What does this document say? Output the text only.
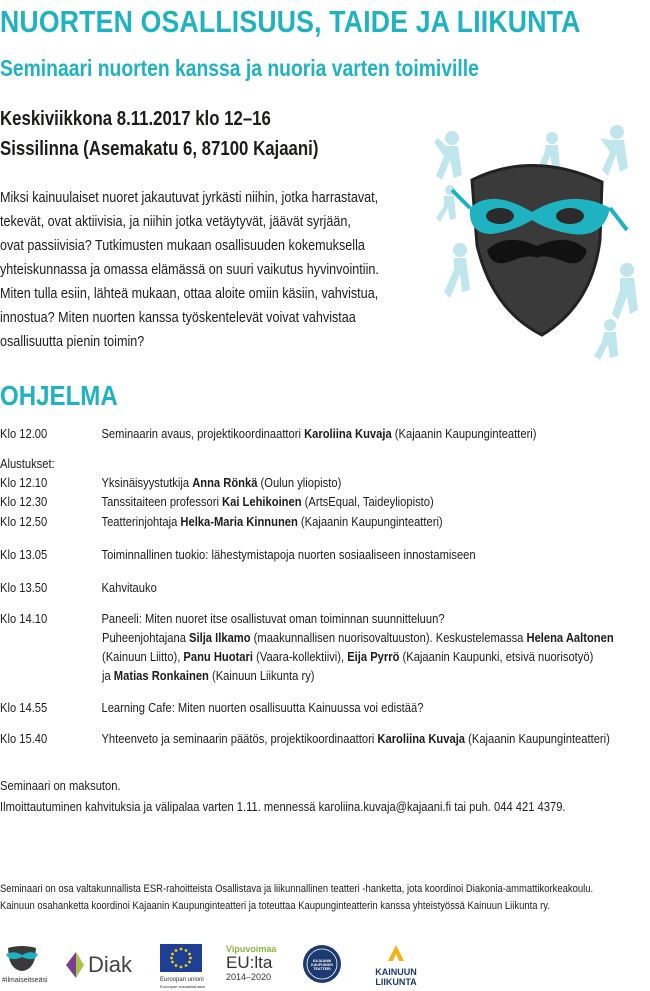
NUORTEN OSALLISUUS, TAIDE JA LIIKUNTA
Seminaari nuorten kanssa ja nuoria varten toimiville
Keskiviikkona 8.11.2017 klo 12–16
Sissilinna (Asemakatu 6, 87100 Kajaani)
Miksi kainuulaiset nuoret jakautuvat jyrkästi niihin, jotka harrastavat,
tekevät, ovat aktiivisia, ja niihin jotka vetäytyvät, jäävät syrjään,
ovat passiivisia? Tutkimusten mukaan osallisuuden kokemuksella
yhteiskunnassa ja omassa elämässä on suuri vaikutus hyvinvointiin.
Miten tulla esiin, lähteä mukaan, ottaa aloite omiin käsiin, vahvistua,
innostua? Miten nuorten kanssa työskentelevät voivat vahvistaa
osallisuutta pienin toimin?
OHJELMA
Klo 12.00	Seminaarin avaus, projektikoordinaattori Karoliina Kuvaja (Kajaanin Kaupunginteatteri)
Alustukset:
Klo 12.10	Yksinäisyystutkija Anna Rönkä (Oulun yliopisto)
Klo 12.30	Tanssitaiteen professori Kai Lehikoinen (ArtsEqual, Taideyliopisto)
Klo 12.50	Teatterinjohtaja Helka-Maria Kinnunen (Kajaanin Kaupunginteatteri)
Klo 13.05	Toiminnallinen tuokio: lähestymistapoja nuorten sosiaaliseen innostamiseen
Klo 13.50	Kahvitauko
Klo 14.10	Paneeli: Miten nuoret itse osallistuvat oman toiminnan suunnitteluun?
Puheenjohtajana Silja Ilkamo (maakunnallisen nuorisovaltuuston). Keskustelemassa Helena Aaltonen
(Kainuun Liitto), Panu Huotari (Vaara-kollektiivi), Eija Pyrrö (Kajaanin Kaupunki, etsivä nuorisotyö)
ja Matias Ronkainen (Kainuun Liikunta ry)
Klo 14.55	Learning Cafe: Miten nuorten osallisuutta Kainuussa voi edistää?
Klo 15.40	Yhteenveto ja seminaarin päätös, projektikoordinaattori Karoliina Kuvaja (Kajaanin Kaupunginteatteri)
Seminaari on maksuton.
Ilmoittautuminen kahvituksia ja välipalaa varten 1.11. mennessä karoliina.kuvaja@kajaani.fi tai puh. 044 421 4379.
Seminaari on osa valtakunnallista ESR-rahoitteista Osallistava ja liikunnallinen teatteri -hanketta, jota koordinoi Diakonia-ammattikorkeakoulu.
Kainuun osahanketta koordinoi Kajaanin Kaupunginteatteri ja toteuttaa Kaupunginteatterin kanssa yhteistyössä Kainuun Liikunta ry.
#ilmaiseitseäsi
Diak
Euroopan unioni
Euroopan sosiaalirahasto
Vipuvoimaa
EU:lta
2014–2020
KAJAANIN KAUPUNGIN TEATTERI	KAINUUN
LIIKUNTA
